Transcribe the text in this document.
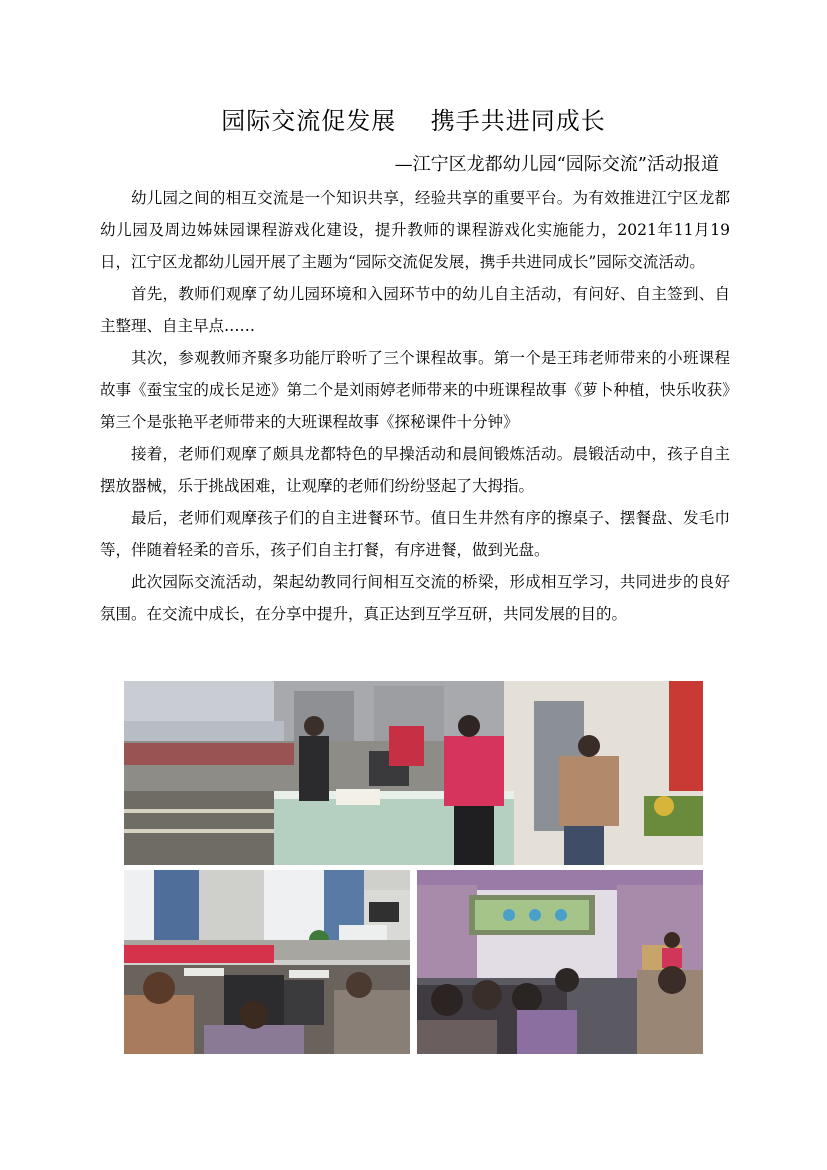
园际交流促发展    携手共进同成长
—江宁区龙都幼儿园“园际交流”活动报道

幼儿园之间的相互交流是一个知识共享，经验共享的重要平台。为有效推进江宁区龙都幼儿园及周边姊妹园课程游戏化建设，提升教师的课程游戏化实施能力，2021年11月19日，江宁区龙都幼儿园开展了主题为“园际交流促发展，携手共进同成长”园际交流活动。

首先，教师们观摩了幼儿园环境和入园环节中的幼儿自主活动，有问好、自主签到、自主整理、自主早点……

其次，参观教师齐聚多功能厅聆听了三个课程故事。第一个是王玮老师带来的小班课程故事《蚕宝宝的成长足迹》第二个是刘雨婷老师带来的中班课程故事《萝卜种植，快乐收获》第三个是张艳平老师带来的大班课程故事《探秘课件十分钟》

接着，老师们观摩了颇具龙都特色的早操活动和晨间锻炼活动。晨锻活动中，孩子自主摆放器械，乐于挑战困难，让观摩的老师们纷纷竖起了大拇指。

最后，老师们观摩孩子们的自主进餐环节。值日生井然有序的擦桌子、摆餐盘、发毛巾等，伴随着轻柔的音乐，孩子们自主打餐，有序进餐，做到光盘。

此次园际交流活动，架起幼教同行间相互交流的桥梁，形成相互学习，共同进步的良好氛围。在交流中成长，在分享中提升，真正达到互学互研，共同发展的目的。
